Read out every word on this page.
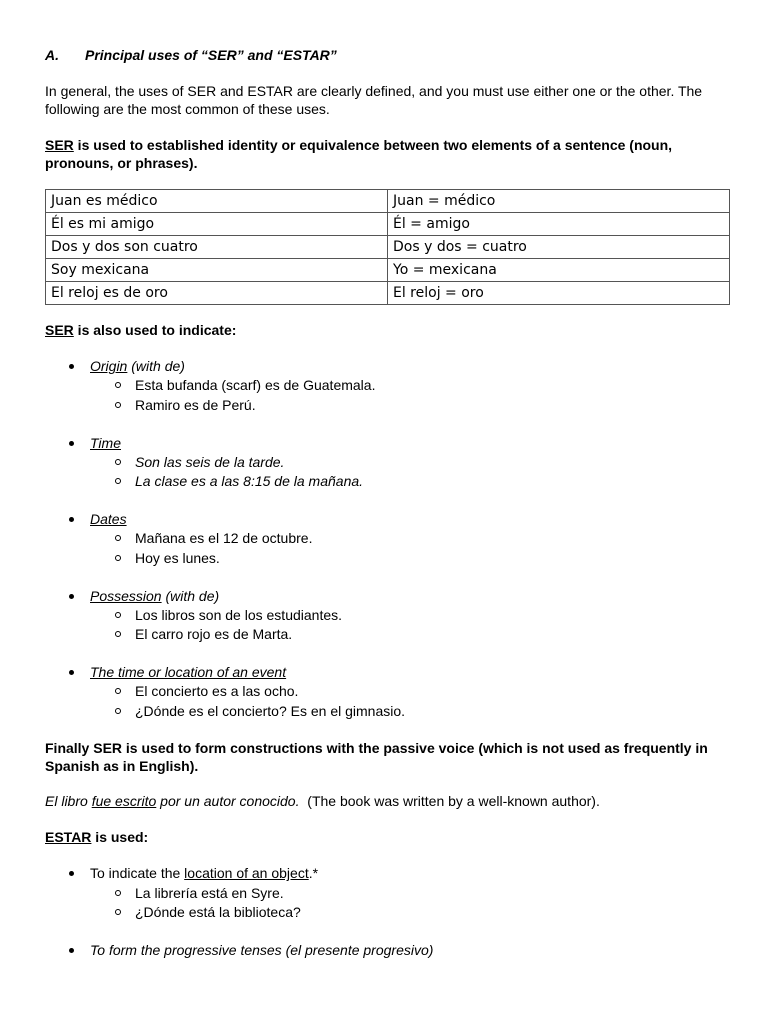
A. Principal uses of “SER” and “ESTAR”

In general, the uses of SER and ESTAR are clearly defined, and you must use either one or the other. The following are the most common of these uses.

SER is used to established identity or equivalence between two elements of a sentence (noun, pronouns, or phrases).

Juan es médico	Juan = médico
Él es mi amigo	Él = amigo
Dos y dos son cuatro	Dos y dos = cuatro
Soy mexicana	Yo = mexicana
El reloj es de oro	El reloj = oro
SER is also used to indicate:
Origin (with de)
Esta bufanda (scarf) es de Guatemala.
Ramiro es de Perú.
Time
Son las seis de la tarde.
La clase es a las 8:15 de la mañana.
Dates
Mañana es el 12 de octubre.
Hoy es lunes.
Possession (with de)
Los libros son de los estudiantes.
El carro rojo es de Marta.
The time or location of an event
El concierto es a las ocho.
¿Dónde es el concierto? Es en el gimnasio.

Finally SER is used to form constructions with the passive voice (which is not used as frequently in Spanish as in English).

El libro fue escrito por un autor conocido.  (The book was written by a well-known author).
ESTAR is used:
To indicate the location of an object.*
La librería está en Syre.
¿Dónde está la biblioteca?
To form the progressive tenses (el presente progresivo)
